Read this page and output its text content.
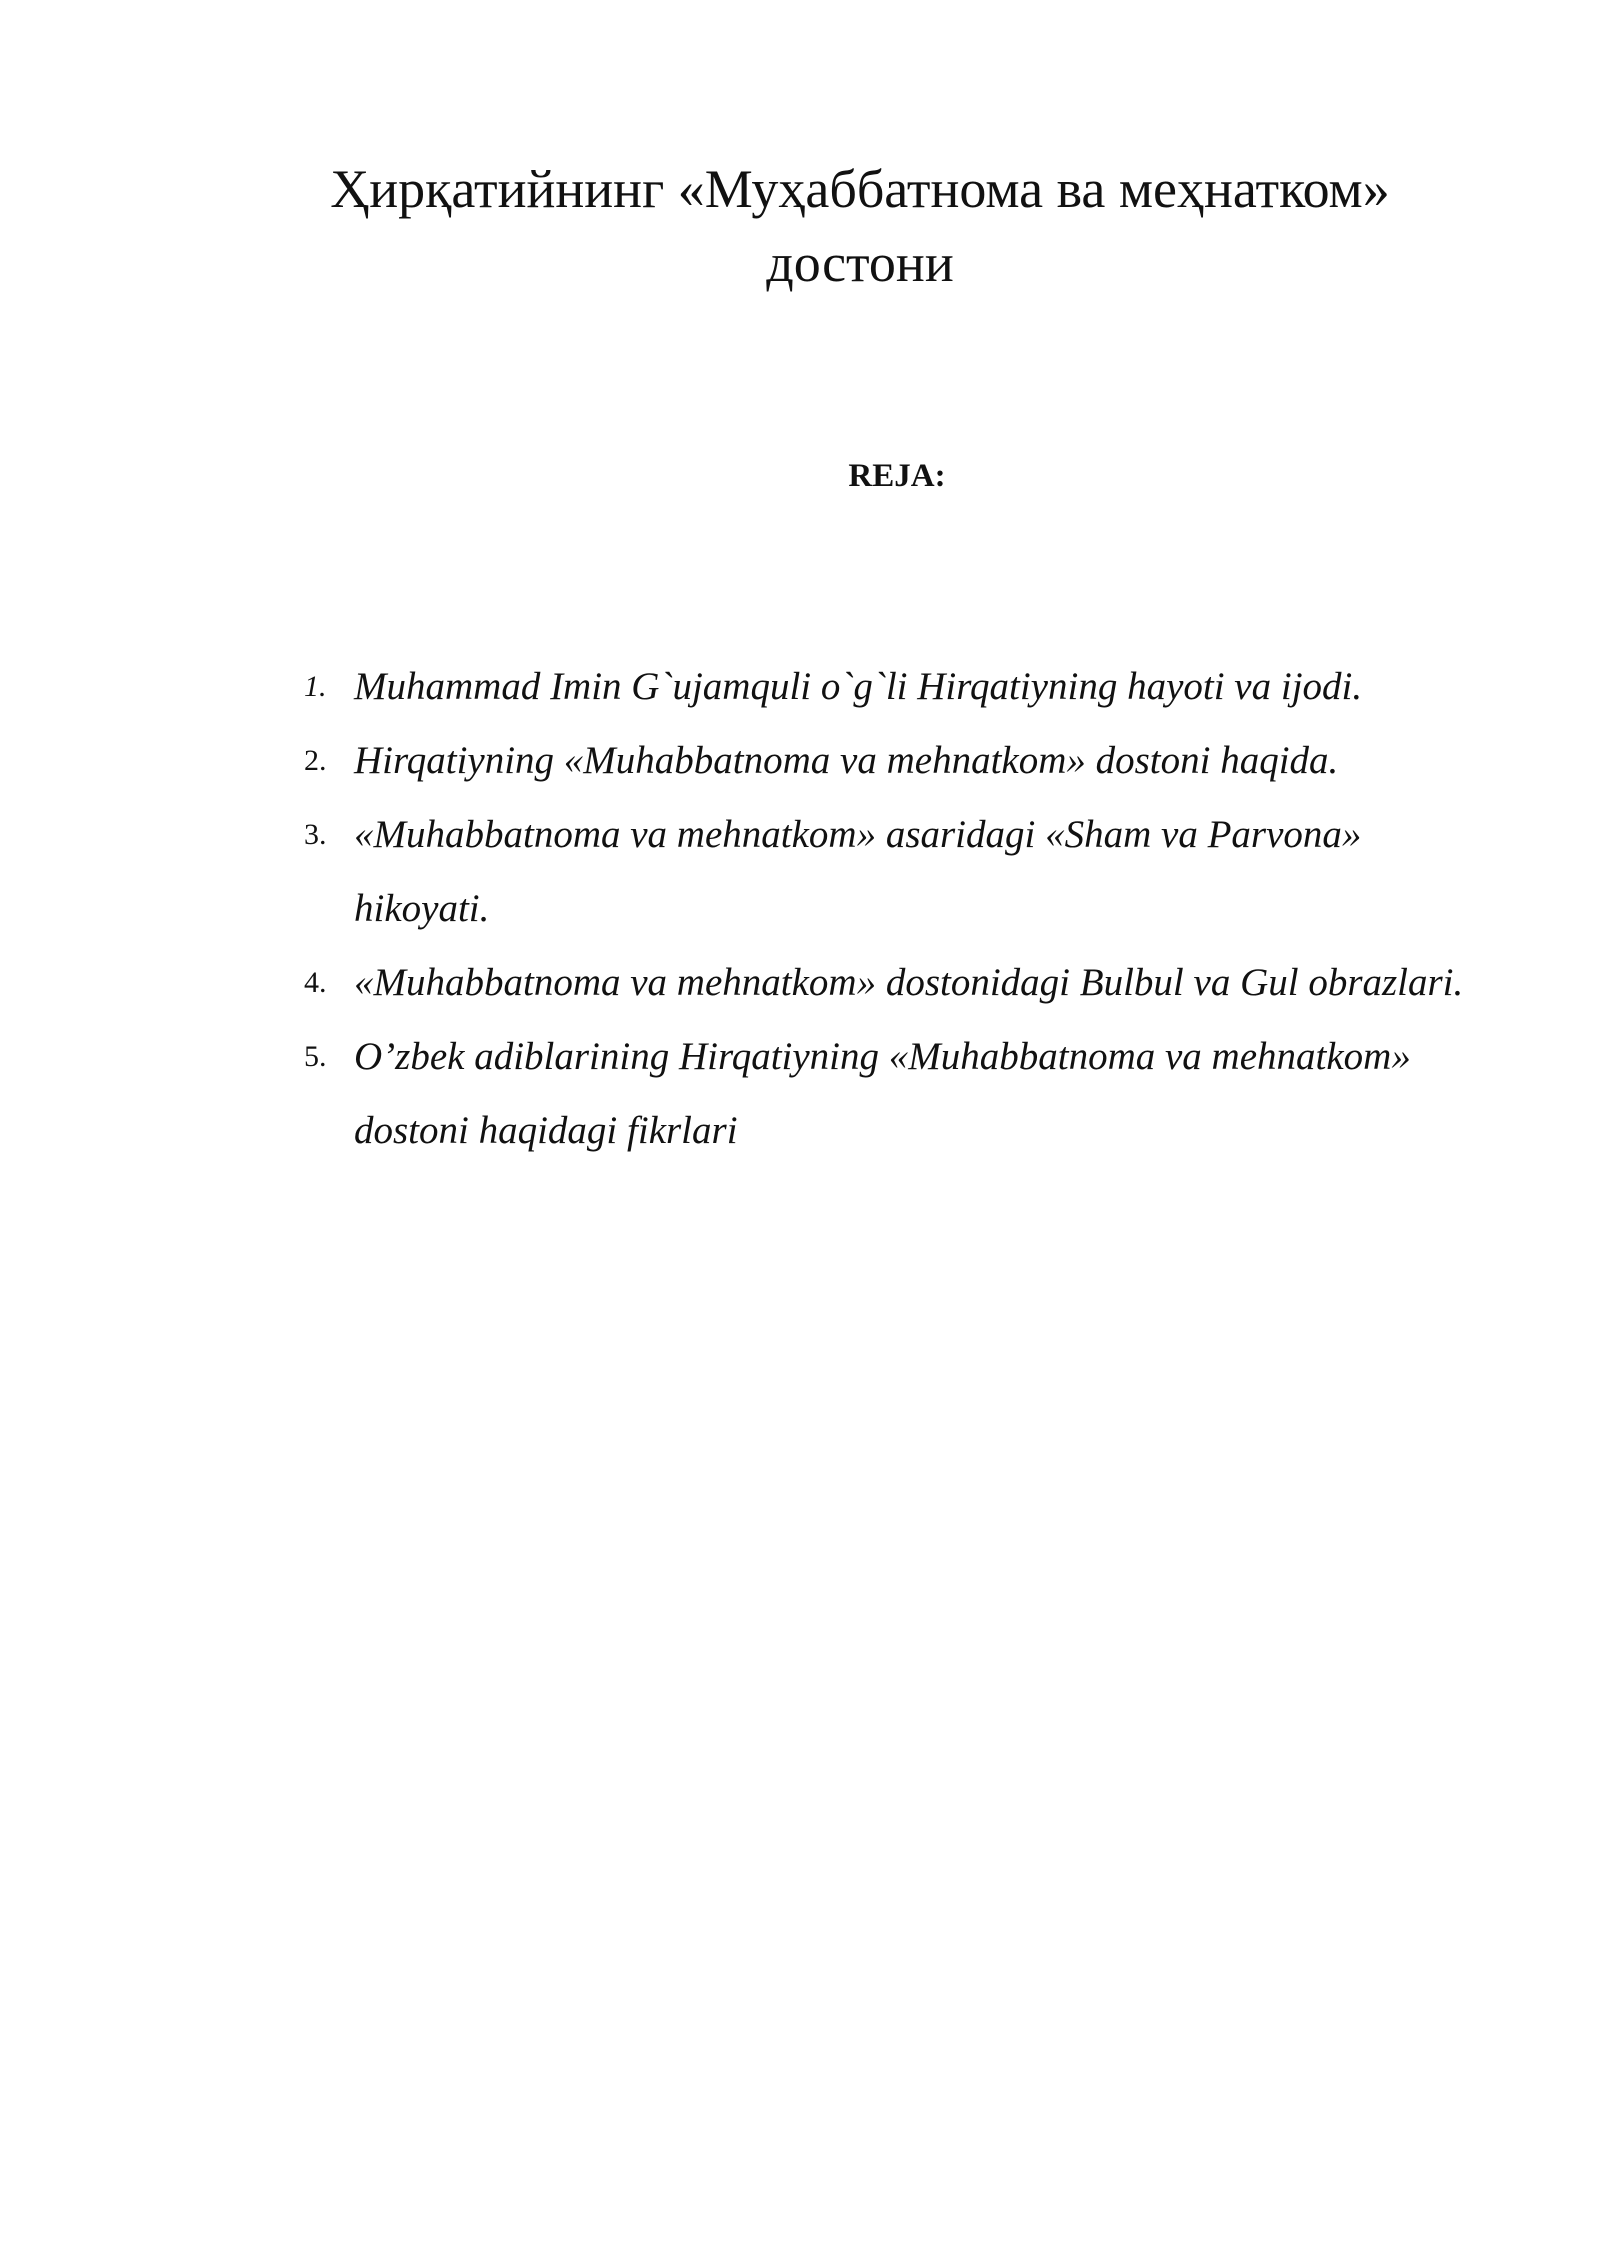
Ҳирқатийнинг «Муҳаббатнома ва меҳнатком»
достони
REJA:
1. Muhammad Imin G`ujamquli o`g`li Hirqatiyning hayoti va ijodi.
2. Hirqatiyning «Muhabbatnoma va mehnatkom» dostoni haqida.
3. «Muhabbatnoma va mehnatkom» asaridagi «Sham va Parvona» hikoyati.
4. «Muhabbatnoma va mehnatkom» dostonidagi Bulbul va Gul obrazlari.
5. O’zbek adiblarining Hirqatiyning «Muhabbatnoma va mehnatkom» dostoni haqidagi fikrlari
